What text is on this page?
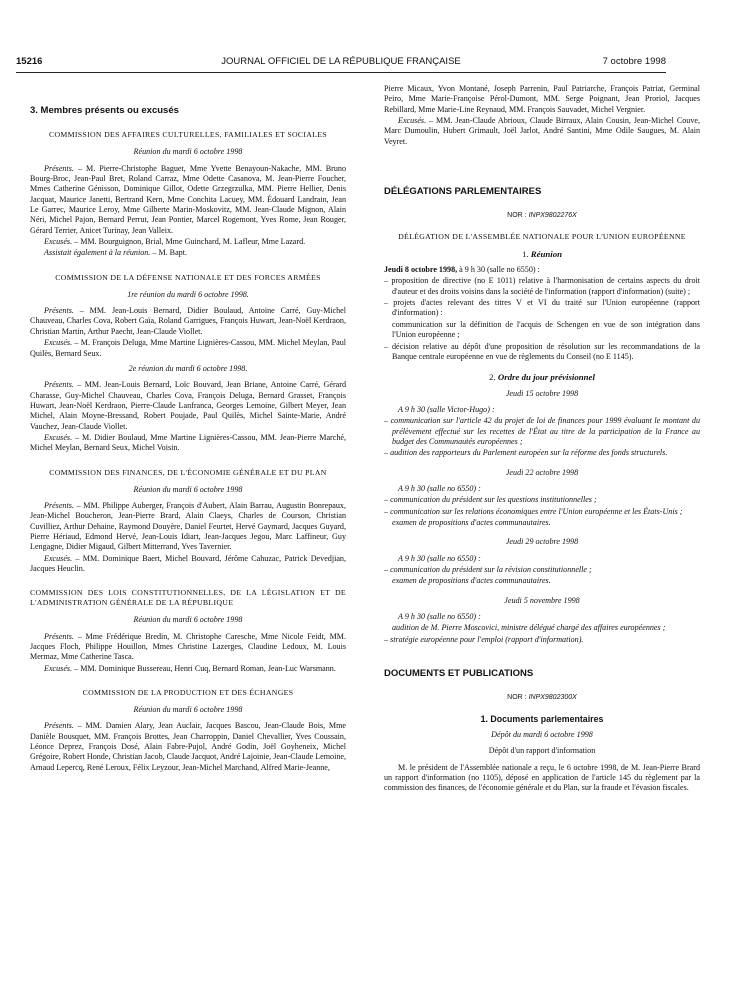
15216	JOURNAL OFFICIEL DE LA RÉPUBLIQUE FRANÇAISE	7 octobre 1998

3. Membres présents ou excusés

COMMISSION DES AFFAIRES CULTURELLES, FAMILIALES ET SOCIALES

Réunion du mardi 6 octobre 1998

Présents. – M. Pierre-Christophe Baguet, Mme Yvette Benayoun-Nakache, MM. Bruno Bourg-Broc, Jean-Paul Bret, Roland Carraz, Mme Odette Casanova, M. Jean-Pierre Foucher, Mmes Catherine Génisson, Dominique Gillot, Odette Grzegrzulka, MM. Pierre Hellier, Denis Jacquat, Maurice Janetti, Bertrand Kern, Mme Conchita Lacuey, MM. Édouard Landrain, Jean Le Garrec, Maurice Leroy, Mme Gilberte Marin-Moskovitz, MM. Jean-Claude Mignon, Alain Néri, Michel Pajon, Bernard Perrut, Jean Pontier, Marcel Rogemont, Yves Rome, Jean Rouger, Gérard Terrier, Anicet Turinay, Jean Valleix.

Excusés. – MM. Bourguignon, Brial, Mme Guinchard, M. Lafleur, Mme Lazard.

Assistait également à la réunion. – M. Bapt.

COMMISSION DE LA DÉFENSE NATIONALE ET DES FORCES ARMÉES

1re réunion du mardi 6 octobre 1998.

Présents. – MM. Jean-Louis Bernard, Didier Boulaud, Antoine Carré, Guy-Michel Chauveau, Charles Cova, Robert Gaïa, Roland Garrigues, François Huwart, Jean-Noël Kerdraon, Christian Martin, Arthur Paecht, Jean-Claude Viollet.

Excusés. – M. François Deluga, Mme Martine Lignières-Cassou, MM. Michel Meylan, Paul Quilès, Bernard Seux.

2e réunion du mardi 6 octobre 1998.

Présents. – MM. Jean-Louis Bernard, Loïc Bouvard, Jean Briane, Antoine Carré, Gérard Charasse, Guy-Michel Chauveau, Charles Cova, François Deluga, Bernard Grasset, François Huwart, Jean-Noël Kerdraon, Pierre-Claude Lanfranca, Georges Lemoine, Gilbert Meyer, Jean Michel, Alain Moyne-Bressand, Robert Poujade, Paul Quilès, Michel Sainte-Marie, André Vauchez, Jean-Claude Viollet.

Excusés. – M. Didier Boulaud, Mme Martine Lignières-Cassou, MM. Jean-Pierre Marché, Michel Meylan, Bernard Seux, Michel Voisin.

COMMISSION DES FINANCES, DE L'ÉCONOMIE GÉNÉRALE ET DU PLAN

Réunion du mardi 6 octobre 1998

Présents. – MM. Philippe Auberger, François d'Aubert, Alain Barrau, Augustin Bonrepaux, Jean-Michel Boucheron, Jean-Pierre Brard, Alain Claeys, Charles de Courson, Christian Cuvilliez, Arthur Dehaine, Raymond Douyère, Daniel Feurtet, Hervé Gaymard, Jacques Guyard, Pierre Hériaud, Edmond Hervé, Jean-Louis Idiart, Jean-Jacques Jegou, Marc Laffineur, Guy Lengagne, Didier Migaud, Gilbert Mitterrand, Yves Tavernier.

Excusés. – MM. Dominique Baert, Michel Bouvard, Jérôme Cahuzac, Patrick Devedjian, Jacques Heuclin.

COMMISSION DES LOIS CONSTITUTIONNELLES, DE LA LÉGISLATION ET DE L'ADMINISTRATION GÉNÉRALE DE LA RÉPUBLIQUE

Réunion du mardi 6 octobre 1998

Présents. – Mme Frédérique Bredin, M. Christophe Caresche, Mme Nicole Feidt, MM. Jacques Floch, Philippe Houillon, Mmes Christine Lazerges, Claudine Ledoux, M. Louis Mermaz, Mme Catherine Tasca.

Excusés. – MM. Dominique Bussereau, Henri Cuq, Bernard Roman, Jean-Luc Warsmann.

COMMISSION DE LA PRODUCTION ET DES ÉCHANGES

Réunion du mardi 6 octobre 1998

Présents. – MM. Damien Alary, Jean Auclair, Jacques Bascou, Jean-Claude Bois, Mme Danièle Bousquet, MM. François Brottes, Jean Charroppin, Daniel Chevallier, Yves Coussain, Léonce Deprez, François Dosé, Alain Fabre-Pujol, André Godin, Joël Goyheneix, Michel Grégoire, Robert Honde, Christian Jacob, Claude Jacquot, André Lajoinie, Jean-Claude Lemoine, Arnaud Lepercq, René Leroux, Félix Leyzour, Jean-Michel Marchand, Alfred Marie-Jeanne,

Pierre Micaux, Yvon Montané, Joseph Parrenin, Paul Patriarche, François Patriat, Germinal Peiro, Mme Marie-Françoise Pérol-Dumont, MM. Serge Poignant, Jean Proriol, Jacques Rebillard, Mme Marie-Line Reynaud, MM. François Sauvadet, Michel Vergnier.

Excusés. – MM. Jean-Claude Abrioux, Claude Birraux, Alain Cousin, Jean-Michel Couve, Marc Dumoulin, Hubert Grimault, Joël Jarlot, André Santini, Mme Odile Saugues, M. Alain Veyret.

DÉLÉGATIONS PARLEMENTAIRES

NOR : INPX9802276X

DÉLÉGATION DE L'ASSEMBLÉE NATIONALE POUR L'UNION EUROPÉENNE

1. Réunion

Jeudi 8 octobre 1998, à 9 h 30 (salle no 6550) :

– proposition de directive (no E 1011) relative à l'harmonisation de certains aspects du droit d'auteur et des droits voisins dans la société de l'information (rapport d'information) (suite) ;

– projets d'actes relevant des titres V et VI du traité sur l'Union européenne (rapport d'information) :

communication sur la définition de l'acquis de Schengen en vue de son intégration dans l'Union européenne ;

– décision relative au dépôt d'une proposition de résolution sur les recommandations de la Banque centrale européenne en vue de règlements du Conseil (no E 1145).

2. Ordre du jour prévisionnel

Jeudi 15 octobre 1998

A 9 h 30 (salle Victor-Hugo) :

– communication sur l'article 42 du projet de loi de finances pour 1999 évaluant le montant du prélèvement effectué sur les recettes de l'État au titre de la participation de la France au budget des Communautés européennes ;

– audition des rapporteurs du Parlement européen sur la réforme des fonds structurels.

Jeudi 22 octobre 1998

A 9 h 30 (salle no 6550) :

– communication du président sur les questions institutionnelles ;

– communication sur les relations économiques entre l'Union européenne et les États-Unis ;

examen de propositions d'actes communautaires.

Jeudi 29 octobre 1998

A 9 h 30 (salle no 6550) :

– communication du président sur la révision constitutionnelle ;

examen de propositions d'actes communautaires.

Jeudi 5 novembre 1998

A 9 h 30 (salle no 6550) :

audition de M. Pierre Moscovici, ministre délégué chargé des affaires européennes ;

– stratégie européenne pour l'emploi (rapport d'information).

DOCUMENTS ET PUBLICATIONS

NOR : INPX9802300X

1. Documents parlementaires

Dépôt du mardi 6 octobre 1998

Dépôt d'un rapport d'information

M. le président de l'Assemblée nationale a reçu, le 6 octobre 1998, de M. Jean-Pierre Brard un rapport d'information (no 1105), déposé en application de l'article 145 du règlement par la commission des finances, de l'économie générale et du Plan, sur la fraude et l'évasion fiscales.
